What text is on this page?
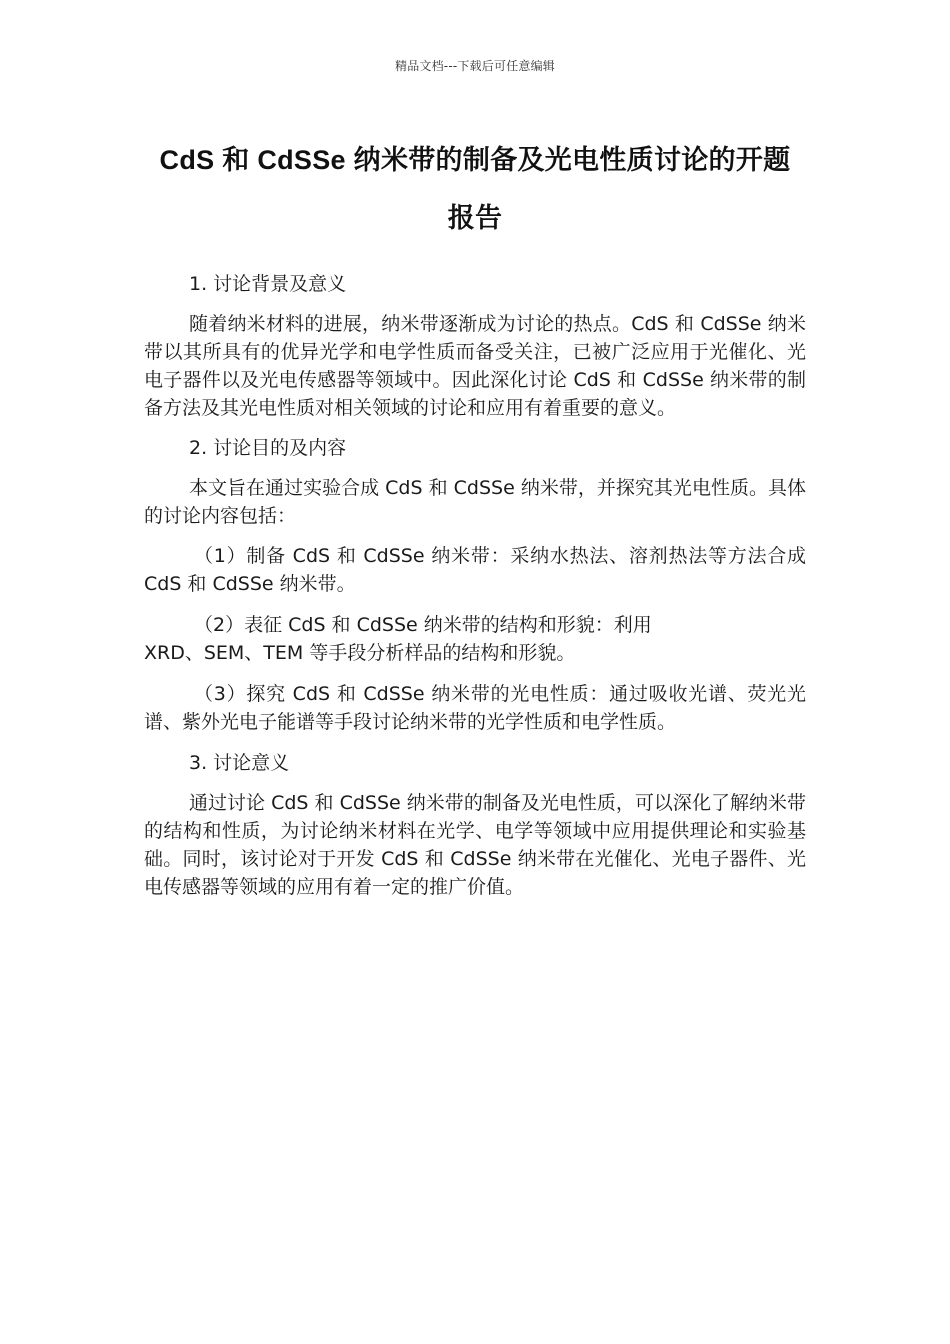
精品文档---下载后可任意编辑
CdS 和 CdSSe 纳米带的制备及光电性质讨论的开题
报告

1. 讨论背景及意义

随着纳米材料的进展，纳米带逐渐成为讨论的热点。CdS 和 CdSSe 纳米带以其所具有的优异光学和电学性质而备受关注，已被广泛应用于光催化、光电子器件以及光电传感器等领域中。因此深化讨论 CdS 和 CdSSe 纳米带的制备方法及其光电性质对相关领域的讨论和应用有着重要的意义。

2. 讨论目的及内容

本文旨在通过实验合成 CdS 和 CdSSe 纳米带，并探究其光电性质。具体的讨论内容包括：

（1）制备 CdS 和 CdSSe 纳米带：采纳水热法、溶剂热法等方法合成 CdS 和 CdSSe 纳米带。

（2）表征 CdS 和 CdSSe 纳米带的结构和形貌：利用
XRD、SEM、TEM 等手段分析样品的结构和形貌。

（3）探究 CdS 和 CdSSe 纳米带的光电性质：通过吸收光谱、荧光光谱、紫外光电子能谱等手段讨论纳米带的光学性质和电学性质。

3. 讨论意义

通过讨论 CdS 和 CdSSe 纳米带的制备及光电性质，可以深化了解纳米带的结构和性质，为讨论纳米材料在光学、电学等领域中应用提供理论和实验基础。同时，该讨论对于开发 CdS 和 CdSSe 纳米带在光催化、光电子器件、光电传感器等领域的应用有着一定的推广价值。
